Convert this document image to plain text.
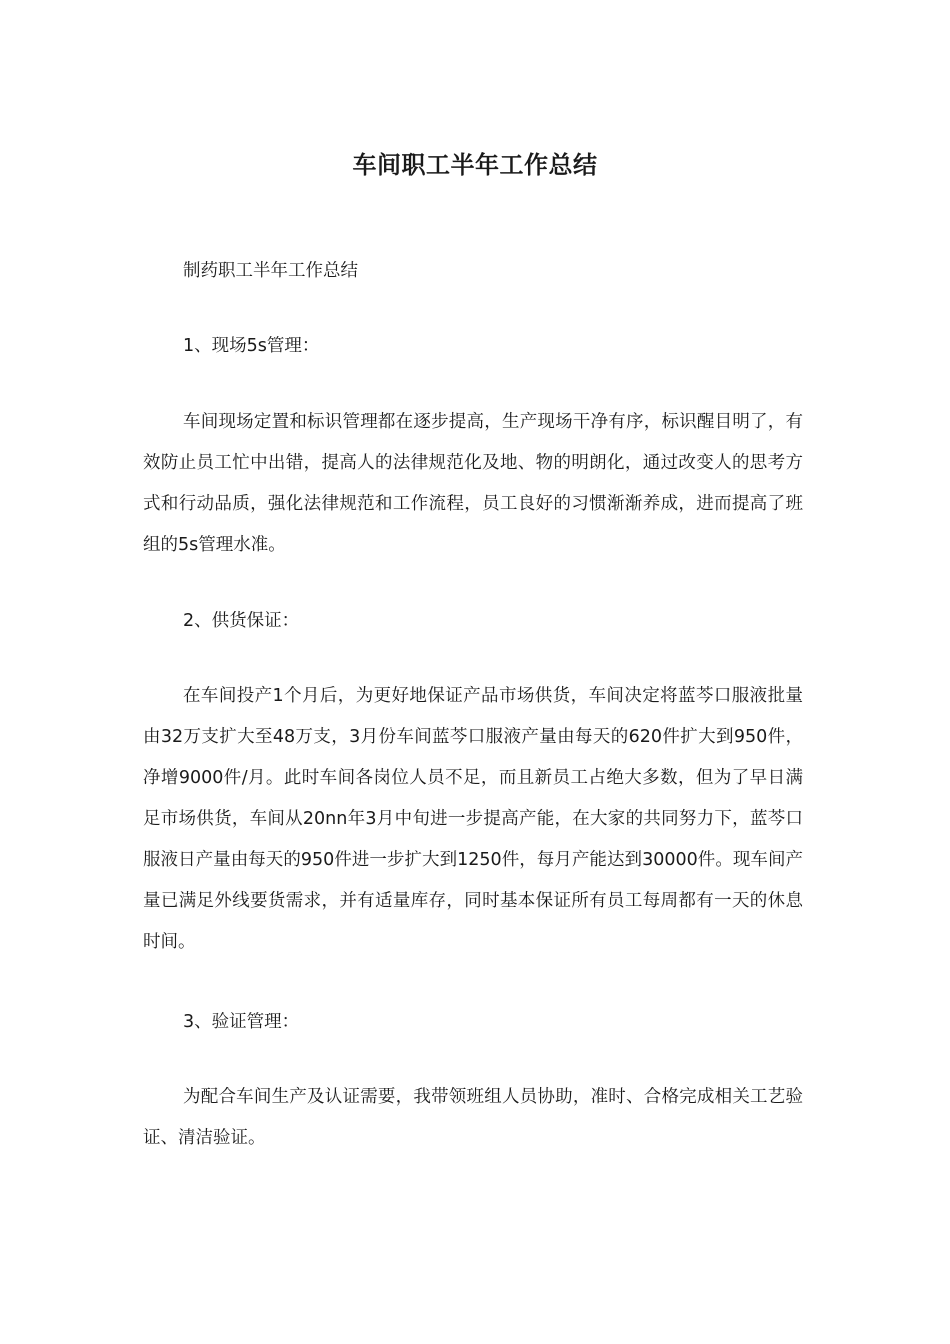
车间职工半年工作总结

制药职工半年工作总结

1、现场5s管理：

车间现场定置和标识管理都在逐步提高，生产现场干净有序，标识醒目明了，有效防止员工忙中出错，提高人的法律规范化及地、物的明朗化，通过改变人的思考方式和行动品质，强化法律规范和工作流程，员工良好的习惯渐渐养成，进而提高了班组的5s管理水准。

2、供货保证：

在车间投产1个月后，为更好地保证产品市场供货，车间决定将蓝芩口服液批量由32万支扩大至48万支，3月份车间蓝芩口服液产量由每天的620件扩大到950件，净增9000件/月。此时车间各岗位人员不足，而且新员工占绝大多数，但为了早日满足市场供货，车间从20nn年3月中旬进一步提高产能，在大家的共同努力下，蓝芩口服液日产量由每天的950件进一步扩大到1250件，每月产能达到30000件。现车间产量已满足外线要货需求，并有适量库存，同时基本保证所有员工每周都有一天的休息时间。

3、验证管理：

为配合车间生产及认证需要，我带领班组人员协助，准时、合格完成相关工艺验证、清洁验证。
